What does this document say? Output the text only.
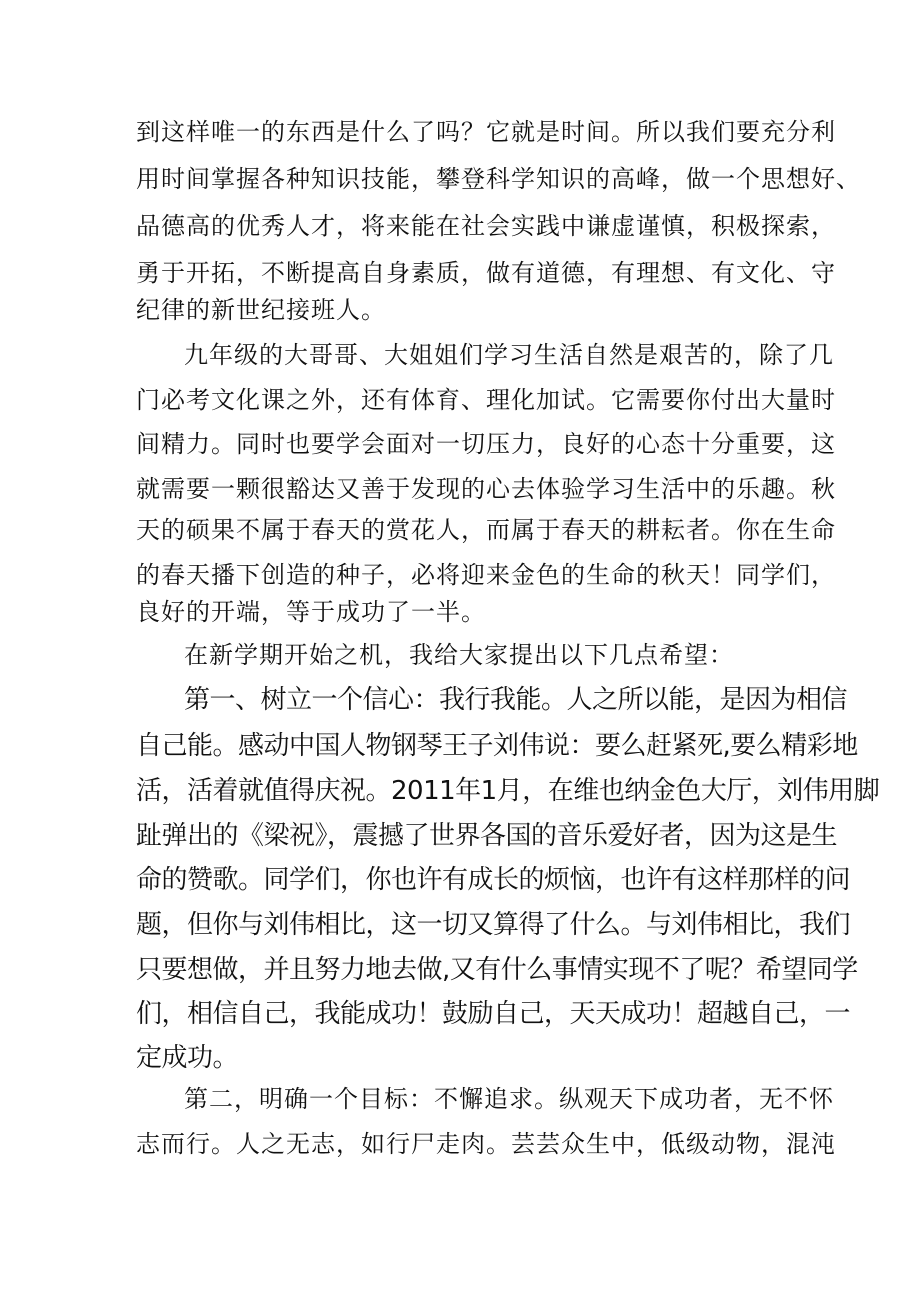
到这样唯一的东西是什么了吗？它就是时间。所以我们要充分利

用时间掌握各种知识技能，攀登科学知识的高峰，做一个思想好、

品德高的优秀人才，将来能在社会实践中谦虚谨慎，积极探索，

勇于开拓，不断提高自身素质，做有道德，有理想、有文化、守

纪律的新世纪接班人。

九年级的大哥哥、大姐姐们学习生活自然是艰苦的，除了几

门必考文化课之外，还有体育、理化加试。它需要你付出大量时

间精力。同时也要学会面对一切压力，良好的心态十分重要，这

就需要一颗很豁达又善于发现的心去体验学习生活中的乐趣。秋

天的硕果不属于春天的赏花人，而属于春天的耕耘者。你在生命

的春天播下创造的种子，必将迎来金色的生命的秋天！同学们，

良好的开端，等于成功了一半。

在新学期开始之机，我给大家提出以下几点希望：

第一、树立一个信心：我行我能。人之所以能，是因为相信

自己能。感动中国人物钢琴王子刘伟说：要么赶紧死,要么精彩地

活，活着就值得庆祝。2011年1月，在维也纳金色大厅，刘伟用脚

趾弹出的《梁祝》，震撼了世界各国的音乐爱好者，因为这是生

命的赞歌。同学们，你也许有成长的烦恼，也许有这样那样的问

题，但你与刘伟相比，这一切又算得了什么。与刘伟相比，我们

只要想做，并且努力地去做,又有什么事情实现不了呢？希望同学

们，相信自己，我能成功！鼓励自己，天天成功！超越自己，一

定成功。

第二，明确一个目标：不懈追求。纵观天下成功者，无不怀

志而行。人之无志，如行尸走肉。芸芸众生中，低级动物，混沌
